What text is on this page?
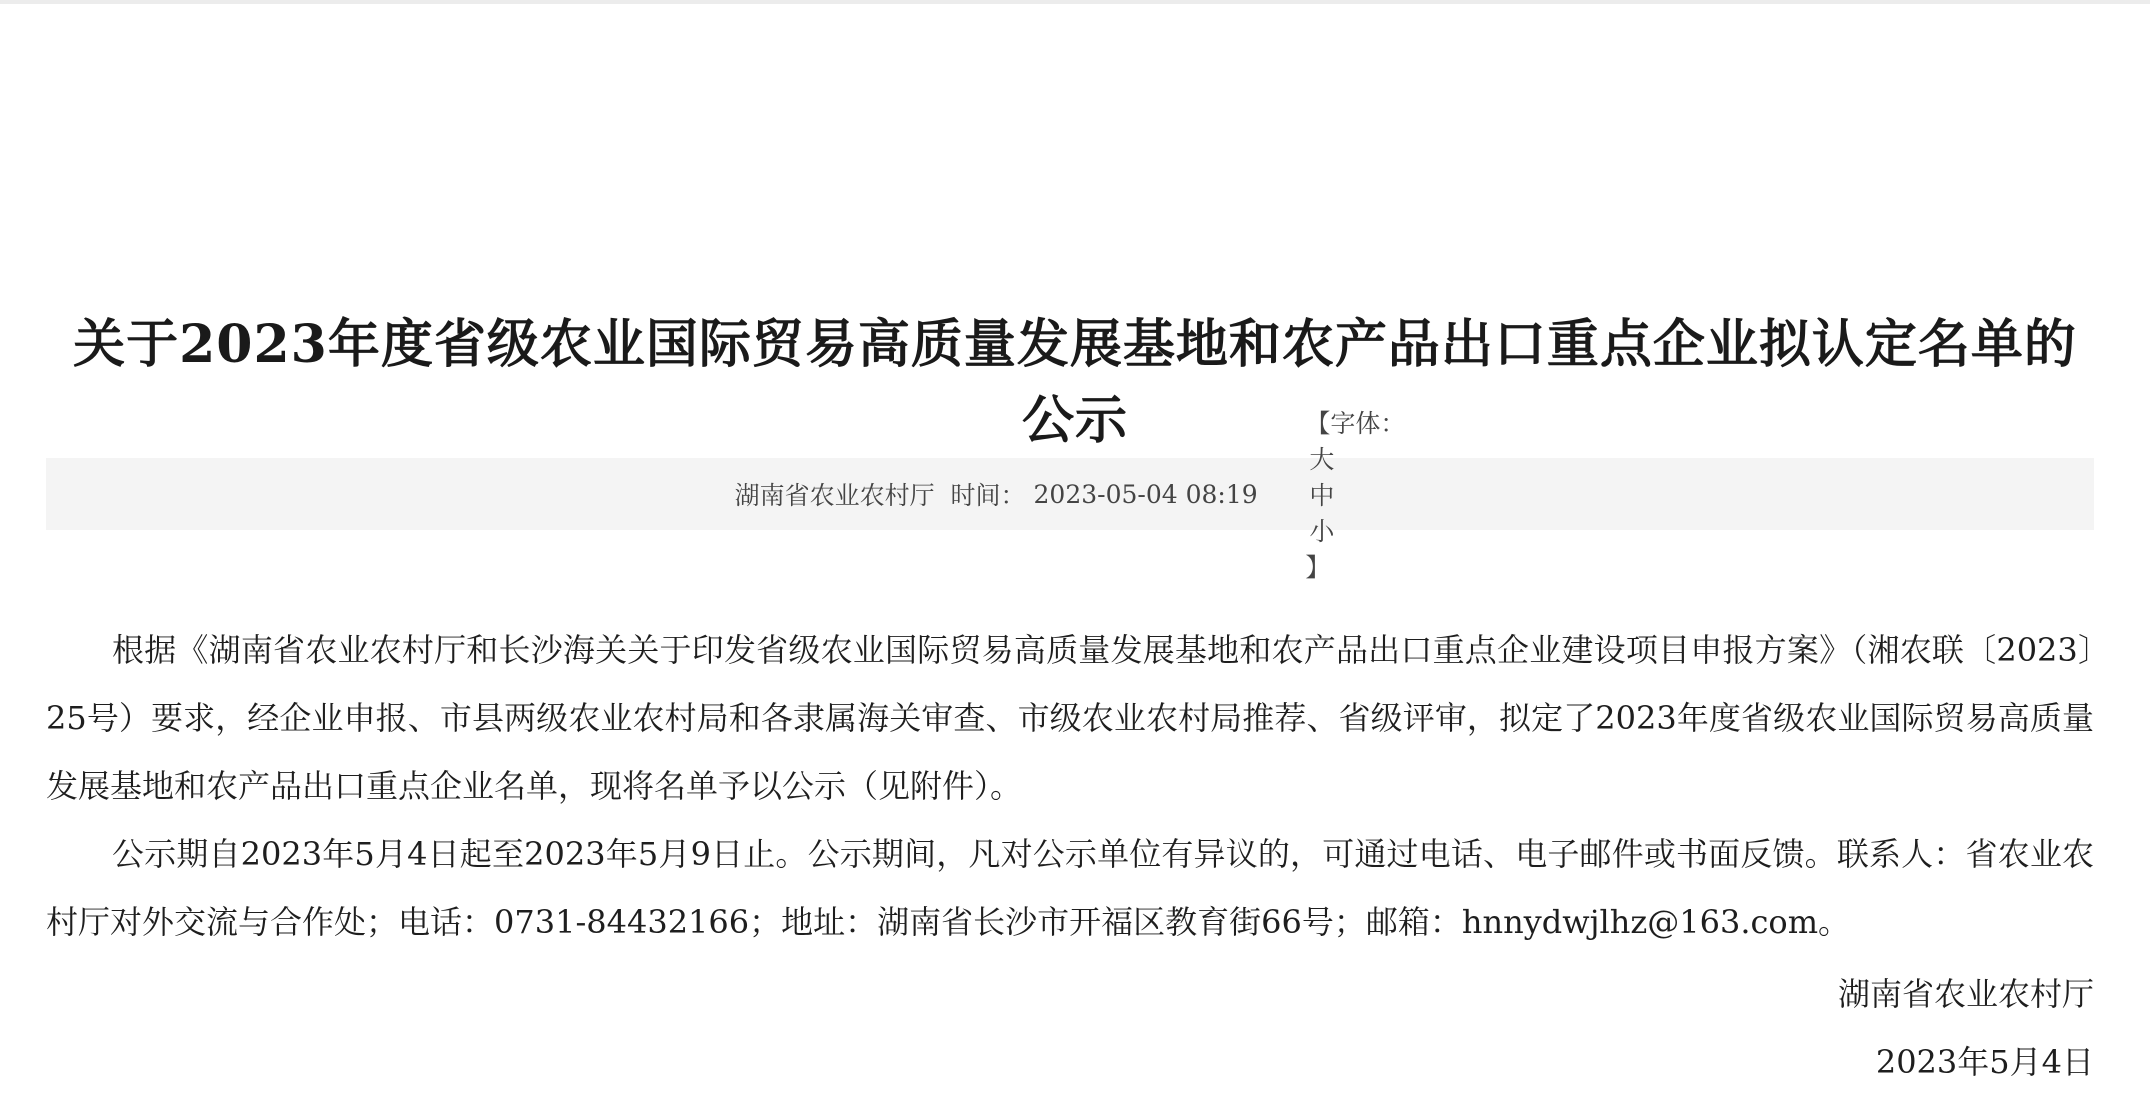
关于2023年度省级农业国际贸易高质量发展基地和农产品出口重点企业拟认定名单的公示
湖南省农业农村厅
时间：
2023-05-04 08:19

【字体：
大
中
小
】

根据《湖南省农业农村厅和长沙海关关于印发省级农业国际贸易高质量发展基地和农产品出口重点企业建设项目申报方案》（湘农联〔2023〕25号）要求，经企业申报、市县两级农业农村局和各隶属海关审查、市级农业农村局推荐、省级评审，拟定了2023年度省级农业国际贸易高质量发展基地和农产品出口重点企业名单，现将名单予以公示（见附件）。

公示期自2023年5月4日起至2023年5月9日止。公示期间，凡对公示单位有异议的，可通过电话、电子邮件或书面反馈。联系人：省农业农村厅对外交流与合作处；电话：0731-84432166；地址：湖南省长沙市开福区教育街66号；邮箱：hnnydwjlhz@163.com。

湖南省农业农村厅
2023年5月4日
